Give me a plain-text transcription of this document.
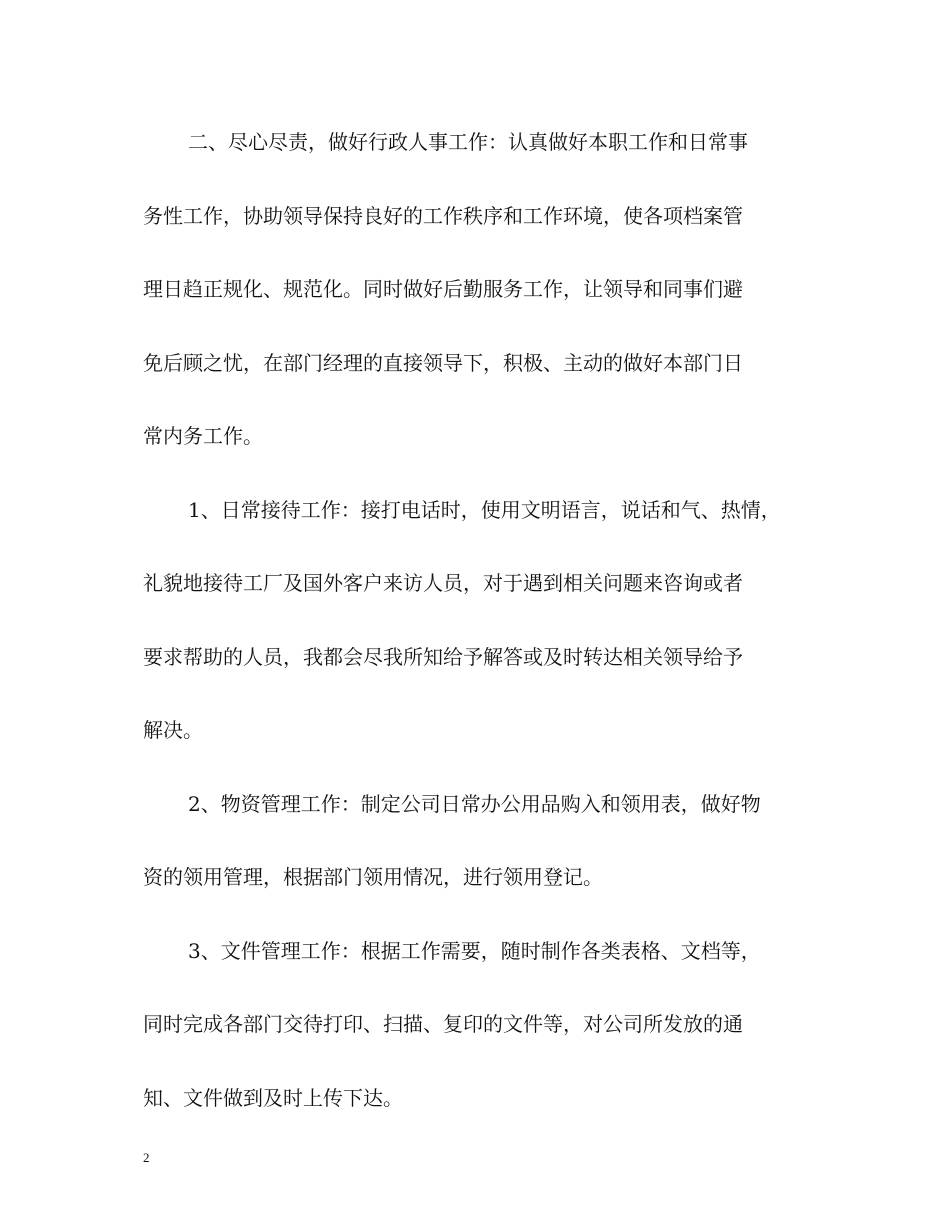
二、尽心尽责，做好行政人事工作：认真做好本职工作和日常事
务性工作，协助领导保持良好的工作秩序和工作环境，使各项档案管
理日趋正规化、规范化。同时做好后勤服务工作，让领导和同事们避
免后顾之忧，在部门经理的直接领导下，积极、主动的做好本部门日
常内务工作。
1、日常接待工作：接打电话时，使用文明语言，说话和气、热情，
礼貌地接待工厂及国外客户来访人员，对于遇到相关问题来咨询或者
要求帮助的人员，我都会尽我所知给予解答或及时转达相关领导给予
解决。
2、物资管理工作：制定公司日常办公用品购入和领用表，做好物
资的领用管理，根据部门领用情况，进行领用登记。
3、文件管理工作：根据工作需要，随时制作各类表格、文档等，
同时完成各部门交待打印、扫描、复印的文件等，对公司所发放的通
知、文件做到及时上传下达。
2
